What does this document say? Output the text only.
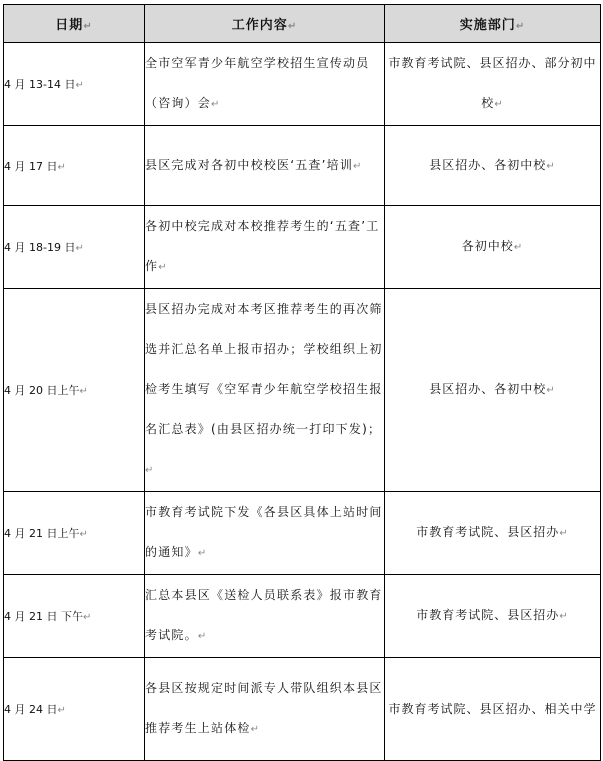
日期↵	工作内容↵	实施部门↵
4 月 13-14 日↵	全市空军青少年航空学校招生宣传动员（咨询）会↵	市教育考试院、县区招办、部分初中校↵
4 月 17 日↵	县区完成对各初中校校医‘五查’培训↵	县区招办、各初中校↵
4 月 18-19 日↵	各初中校完成对本校推荐考生的‘五查’工作↵	各初中校↵
4 月 20 日上午↵	县区招办完成对本考区推荐考生的再次筛选并汇总名单上报市招办；学校组织上初检考生填写《空军青少年航空学校招生报名汇总表》(由县区招办统一打印下发)；↵	县区招办、各初中校↵
4 月 21 日上午↵	市教育考试院下发《各县区具体上站时间的通知》↵	市教育考试院、县区招办↵
4 月 21 日 下午↵	汇总本县区《送检人员联系表》报市教育考试院。↵	市教育考试院、县区招办↵
4 月 24 日↵	各县区按规定时间派专人带队组织本县区推荐考生上站体检↵	市教育考试院、县区招办、相关中学
